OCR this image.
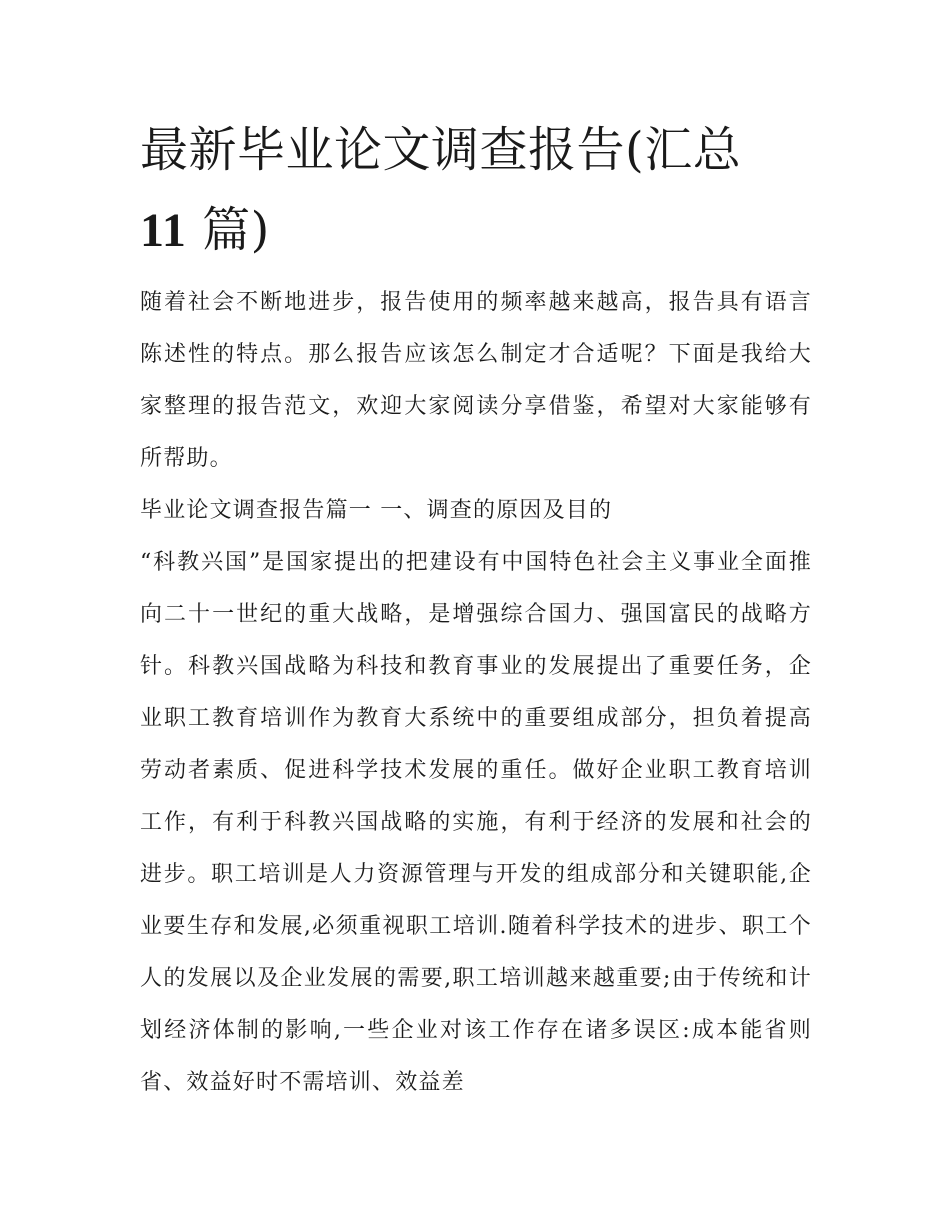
最新毕业论文调查报告(汇总
11 篇)

随着社会不断地进步，报告使用的频率越来越高，报告具有语言陈述性的特点。那么报告应该怎么制定才合适呢？下面是我给大家整理的报告范文，欢迎大家阅读分享借鉴，希望对大家能够有所帮助。

毕业论文调查报告篇一 一、调查的原因及目的

“科教兴国”是国家提出的把建设有中国特色社会主义事业全面推向二十一世纪的重大战略，是增强综合国力、强国富民的战略方针。科教兴国战略为科技和教育事业的发展提出了重要任务，企业职工教育培训作为教育大系统中的重要组成部分，担负着提高劳动者素质、促进科学技术发展的重任。做好企业职工教育培训工作，有利于科教兴国战略的实施，有利于经济的发展和社会的进步。职工培训是人力资源管理与开发的组成部分和关键职能,企业要生存和发展,必须重视职工培训.随着科学技术的进步、职工个人的发展以及企业发展的需要,职工培训越来越重要;由于传统和计划经济体制的影响,一些企业对该工作存在诸多误区:成本能省则省、效益好时不需培训、效益差
